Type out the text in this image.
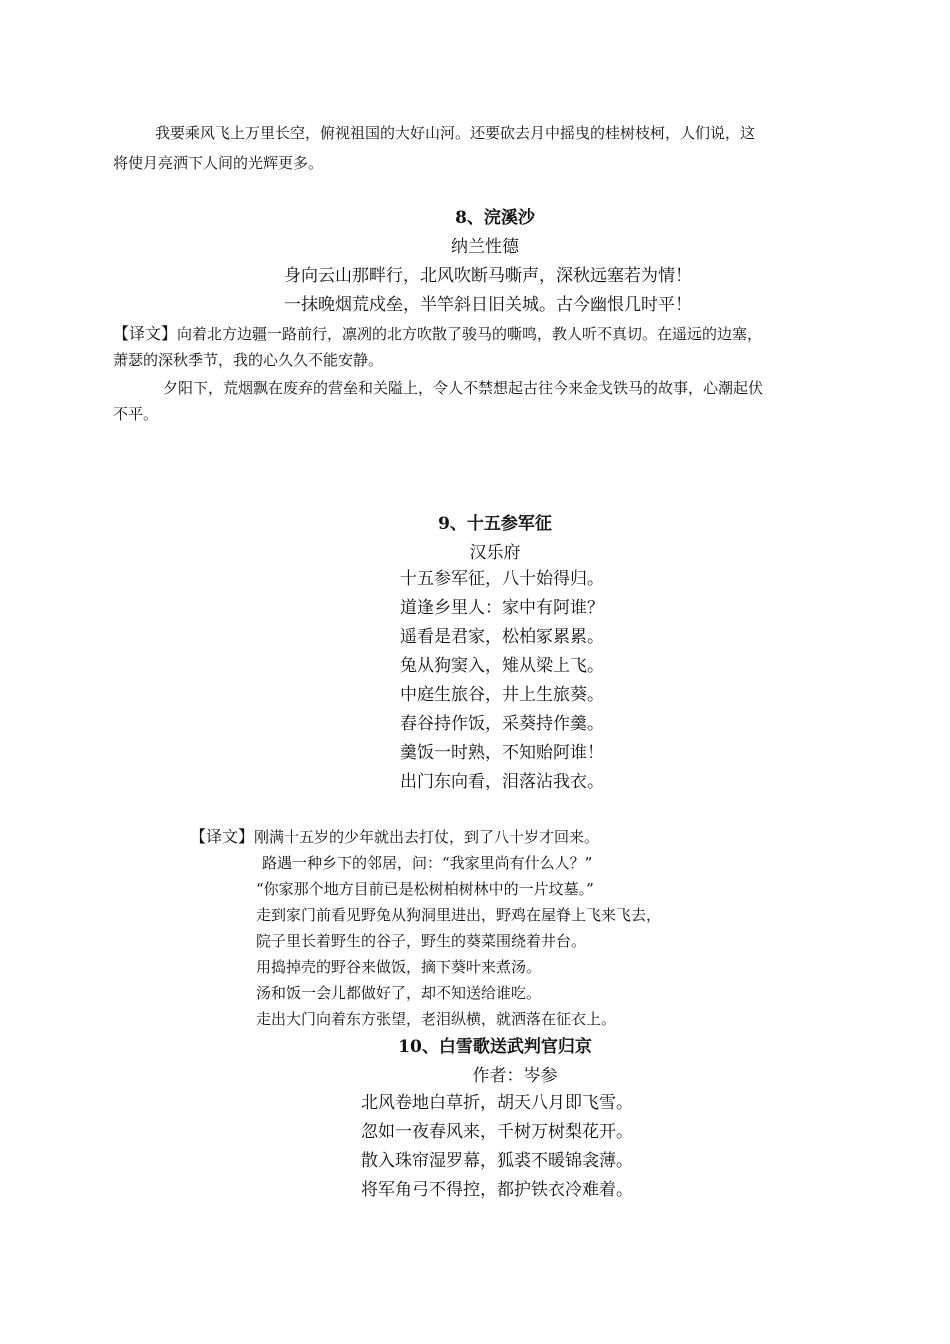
我要乘风飞上万里长空，俯视祖国的大好山河。还要砍去月中摇曳的桂树枝柯，人们说，这
将使月亮洒下人间的光辉更多。
8、浣溪沙
纳兰性德
身向云山那畔行，北风吹断马嘶声，深秋远塞若为情！
一抹晚烟荒戍垒，半竿斜日旧关城。古今幽恨几时平！
【译文】向着北方边疆一路前行，凛冽的北方吹散了骏马的嘶鸣，教人听不真切。在遥远的边塞，
萧瑟的深秋季节，我的心久久不能安静。
夕阳下，荒烟飘在废弃的营垒和关隘上，令人不禁想起古往今来金戈铁马的故事，心潮起伏
不平。
9、十五参军征
汉乐府
十五参军征，八十始得归。
道逢乡里人：家中有阿谁？
遥看是君家，松柏冢累累。
兔从狗窦入，雉从梁上飞。
中庭生旅谷，井上生旅葵。
舂谷持作饭，采葵持作羹。
羹饭一时熟，不知贻阿谁！
出门东向看，泪落沾我衣。
【译文】刚满十五岁的少年就出去打仗，到了八十岁才回来。
路遇一种乡下的邻居，问：“我家里尚有什么人？”
“你家那个地方目前已是松树柏树林中的一片坟墓。”
走到家门前看见野兔从狗洞里进出，野鸡在屋脊上飞来飞去，
院子里长着野生的谷子，野生的葵菜围绕着井台。
用捣掉壳的野谷来做饭，摘下葵叶来煮汤。
汤和饭一会儿都做好了，却不知送给谁吃。
走出大门向着东方张望，老泪纵横，就洒落在征衣上。
10、白雪歌送武判官归京
作者：岑参
北风卷地白草折，胡天八月即飞雪。
忽如一夜春风来，千树万树梨花开。
散入珠帘湿罗幕，狐裘不暖锦衾薄。
将军角弓不得控，都护铁衣冷难着。
